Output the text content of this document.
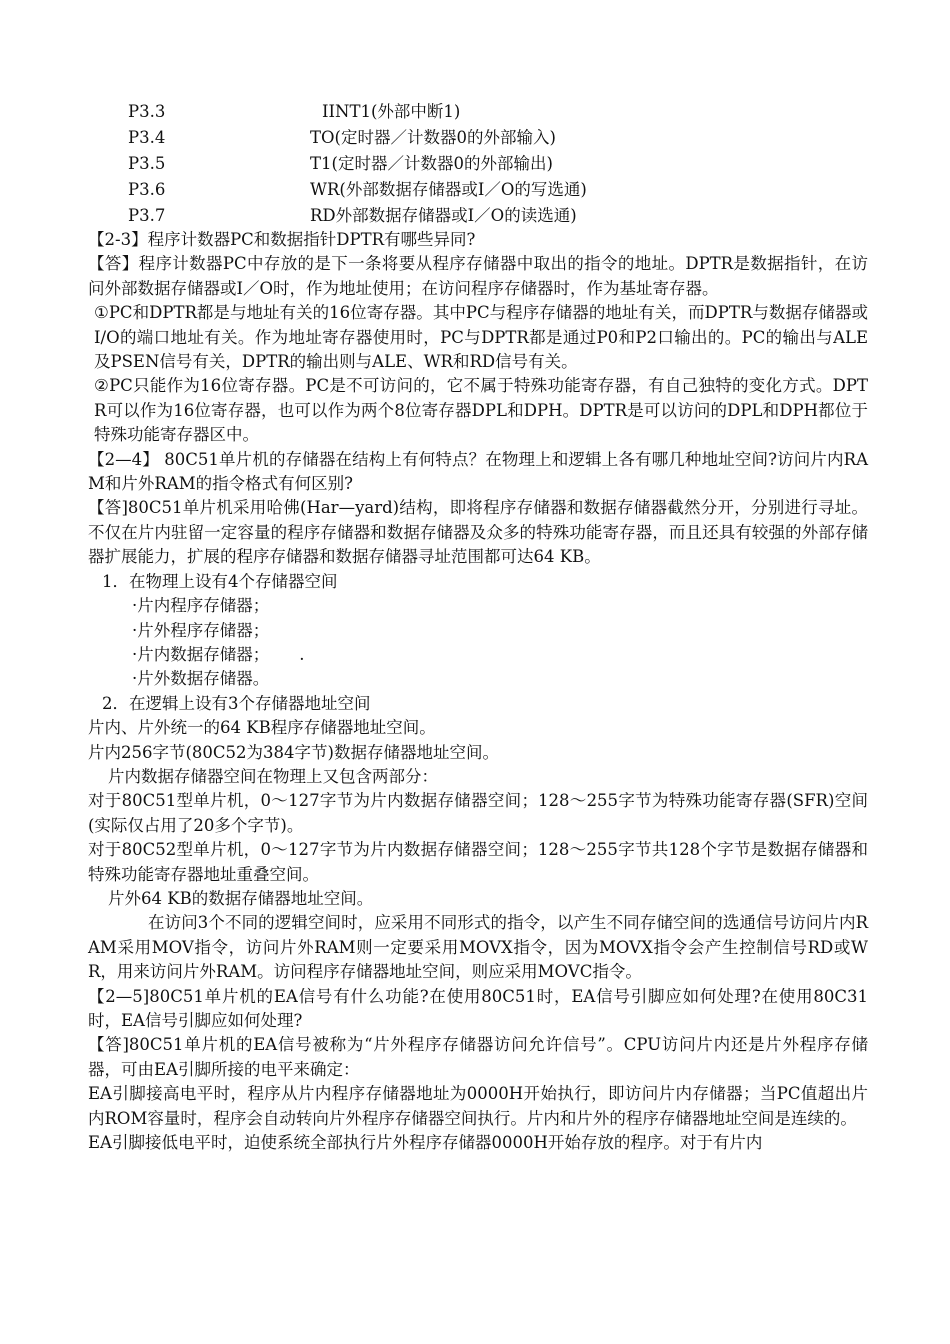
P3.3	IINT1(外部中断1)
P3.4	TO(定时器／计数器0的外部输入)
P3.5	T1(定时器／计数器0的外部输出)
P3.6	WR(外部数据存储器或I／O的写选通)
P3.7	RD外部数据存储器或I／O的读选通)

【2-3】程序计数器PC和数据指针DPTR有哪些异同?

【答】程序计数器PC中存放的是下一条将要从程序存储器中取出的指令的地址。DPTR是数据指针，在访问外部数据存储器或I／O时，作为地址使用；在访问程序存储器时，作为基址寄存器。

①PC和DPTR都是与地址有关的16位寄存器。其中PC与程序存储器的地址有关，而DPTR与数据存储器或I/O的端口地址有关。作为地址寄存器使用时，PC与DPTR都是通过P0和P2口输出的。PC的输出与ALE及PSEN信号有关，DPTR的输出则与ALE、WR和RD信号有关。

②PC只能作为16位寄存器。PC是不可访问的，它不属于特殊功能寄存器，有自己独特的变化方式。DPTR可以作为16位寄存器，也可以作为两个8位寄存器DPL和DPH。DPTR是可以访问的DPL和DPH都位于特殊功能寄存器区中。

【2—4】 80C51单片机的存储器在结构上有何特点？在物理上和逻辑上各有哪几种地址空间?访问片内RAM和片外RAM的指令格式有何区别?

【答]80C51单片机采用哈佛(Har—yard)结构，即将程序存储器和数据存储器截然分开，分别进行寻址。不仅在片内驻留一定容量的程序存储器和数据存储器及众多的特殊功能寄存器，而且还具有较强的外部存储器扩展能力，扩展的程序存储器和数据存储器寻址范围都可达64 KB。

1．在物理上设有4个存储器空间

·片内程序存储器；

·片外程序存储器；

·片内数据存储器；　　 .

·片外数据存储器。

2．在逻辑上设有3个存储器地址空间

片内、片外统一的64 KB程序存储器地址空间。

片内256字节(80C52为384字节)数据存储器地址空间。

片内数据存储器空间在物理上又包含两部分：

对于80C51型单片机，0～127字节为片内数据存储器空间；128～255字节为特殊功能寄存器(SFR)空间(实际仅占用了20多个字节)。

对于80C52型单片机，0～127字节为片内数据存储器空间；128～255字节共128个字节是数据存储器和特殊功能寄存器地址重叠空间。

片外64 KB的数据存储器地址空间。

在访问3个不同的逻辑空间时，应采用不同形式的指令，以产生不同存储空间的选通信号访问片内RAM采用MOV指令，访问片外RAM则一定要采用MOVX指令，因为MOVX指令会产生控制信号RD或WR，用来访问片外RAM。访问程序存储器地址空间，则应采用MOVC指令。

【2—5]80C51单片机的EA信号有什么功能?在使用80C51时，EA信号引脚应如何处理?在使用80C31时，EA信号引脚应如何处理?

【答]80C51单片机的EA信号被称为“片外程序存储器访问允许信号”。CPU访问片内还是片外程序存储器，可由EA引脚所接的电平来确定：

EA引脚接高电平时，程序从片内程序存储器地址为0000H开始执行，即访问片内存储器；当PC值超出片内ROM容量时，程序会自动转向片外程序存储器空间执行。片内和片外的程序存储器地址空间是连续的。

EA引脚接低电平时，迫使系统全部执行片外程序存储器0000H开始存放的程序。对于有片内
